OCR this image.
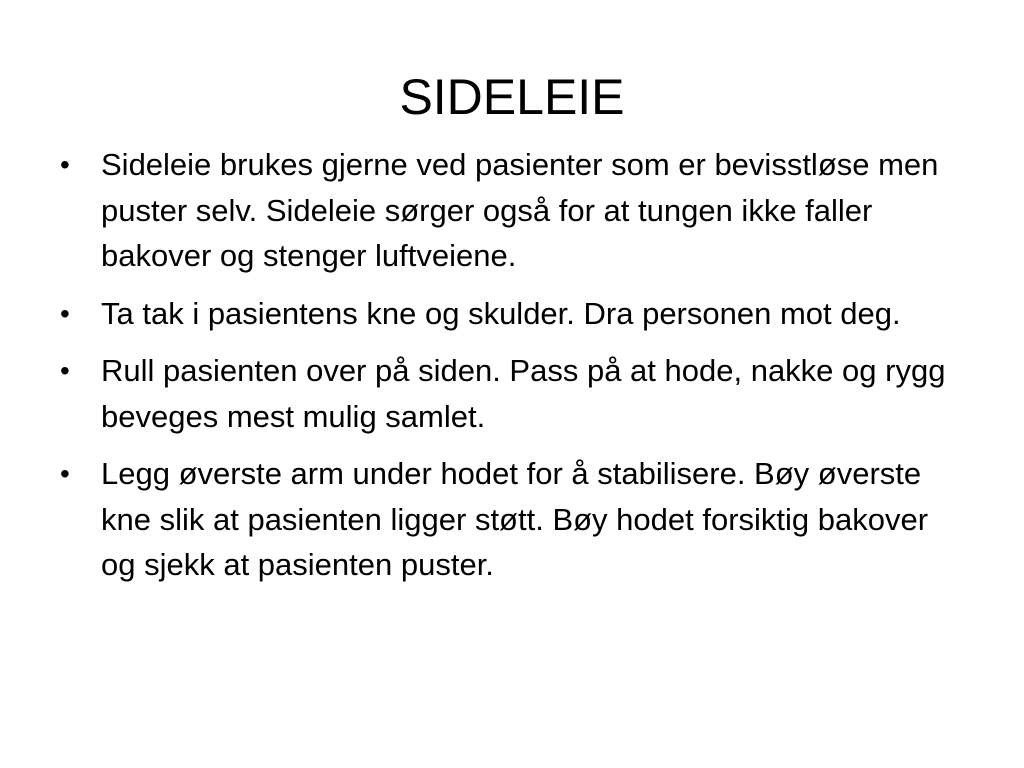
SIDELEIE
• Sideleie brukes gjerne ved pasienter som er bevisstløse men puster selv. Sideleie sørger også for at tungen ikke faller bakover og stenger luftveiene.
• Ta tak i pasientens kne og skulder. Dra personen mot deg.
• Rull pasienten over på siden. Pass på at hode, nakke og rygg beveges mest mulig samlet.
• Legg øverste arm under hodet for å stabilisere. Bøy øverste kne slik at pasienten ligger støtt. Bøy hodet forsiktig bakover og sjekk at pasienten puster.
